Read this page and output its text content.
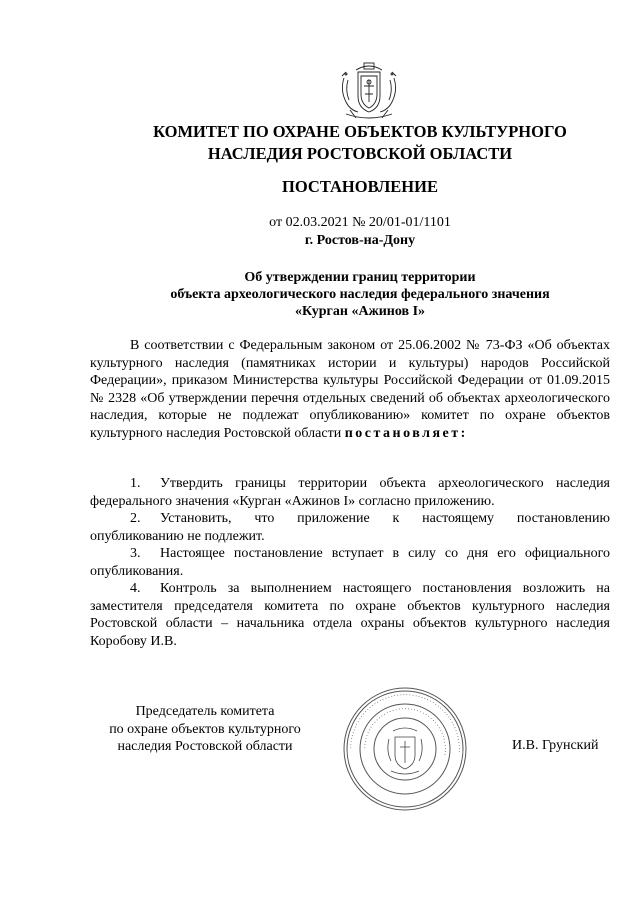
КОМИТЕТ ПО ОХРАНЕ ОБЪЕКТОВ КУЛЬТУРНОГО
НАСЛЕДИЯ РОСТОВСКОЙ ОБЛАСТИ
ПОСТАНОВЛЕНИЕ
от 02.03.2021 № 20/01-01/1101
г. Ростов-на-Дону
Об утверждении границ территории
объекта археологического наследия федерального значения
«Курган «Ажинов I»
В соответствии с Федеральным законом от 25.06.2002 № 73-ФЗ «Об объектах культурного наследия (памятниках истории и культуры) народов Российской Федерации», приказом Министерства культуры Российской Федерации от 01.09.2015 № 2328 «Об утверждении перечня отдельных сведений об объектах археологического наследия, которые не подлежат опубликованию» комитет по охране объектов культурного наследия Ростовской области постановляет:
1. Утвердить границы территории объекта археологического наследия федерального значения «Курган «Ажинов I» согласно приложению.
2. Установить, что приложение к настоящему постановлению опубликованию не подлежит.
3. Настоящее постановление вступает в силу со дня его официального опубликования.
4. Контроль за выполнением настоящего постановления возложить на заместителя председателя комитета по охране объектов культурного наследия Ростовской области – начальника отдела охраны объектов культурного наследия Коробову И.В.
Председатель комитета
по охране объектов культурного
наследия Ростовской области	·························································
···········································
И.В. Грунский
